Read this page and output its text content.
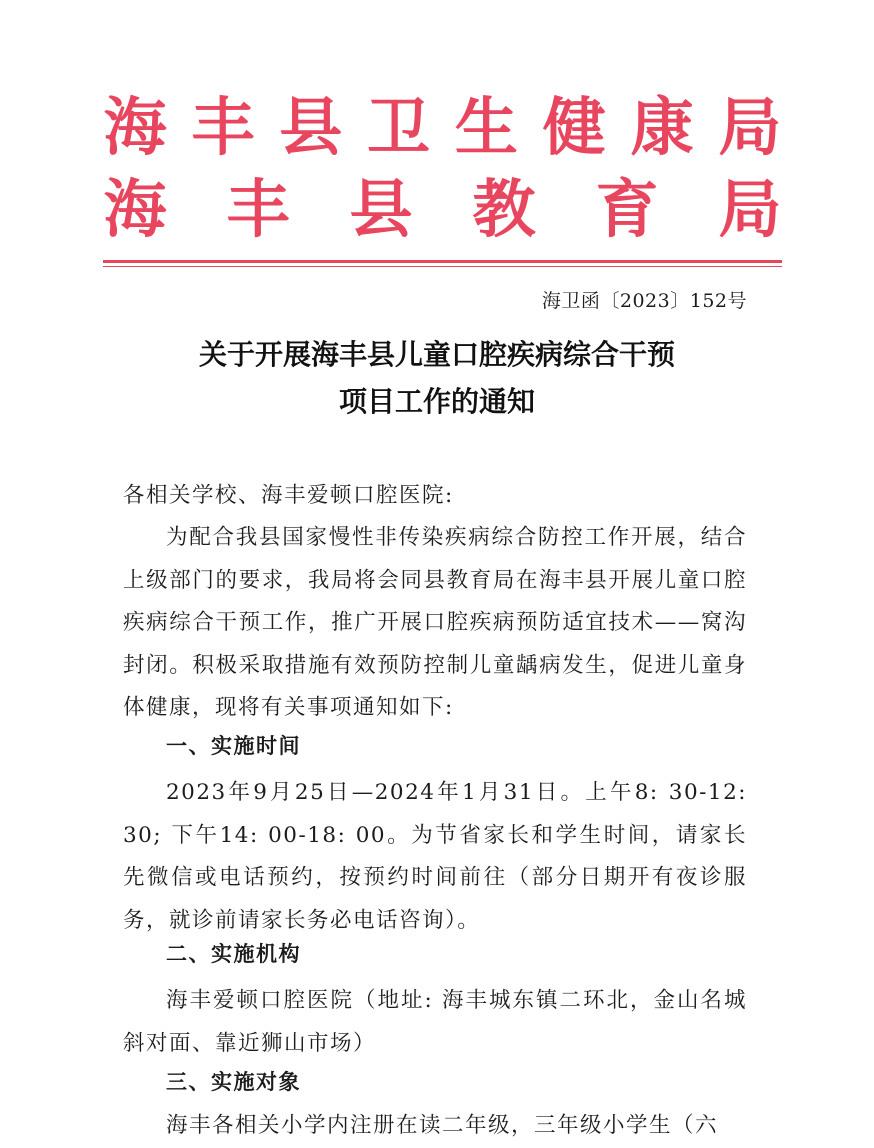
海 丰 县 卫 生 健 康 局
海 丰 县 教 育 局
海卫函〔2023〕152号
关于开展海丰县儿童口腔疾病综合干预
项目工作的通知
各相关学校、海丰爱顿口腔医院:

为配合我县国家慢性非传染疾病综合防控工作开展，结合上级部门的要求，我局将会同县教育局在海丰县开展儿童口腔疾病综合干预工作，推广开展口腔疾病预防适宜技术——窝沟封闭。积极采取措施有效预防控制儿童龋病发生，促进儿童身体健康，现将有关事项通知如下:

一、实施时间

2023年9月25日—2024年1月31日。上午8: 30-12: 30; 下午14: 00-18: 00。为节省家长和学生时间，请家长先微信或电话预约，按预约时间前往（部分日期开有夜诊服务，就诊前请家长务必电话咨询）。

二、实施机构

海丰爱顿口腔医院（地址: 海丰城东镇二环北，金山名城斜对面、靠近狮山市场）

三、实施对象

海丰各相关小学内注册在读二年级，三年级小学生（六
